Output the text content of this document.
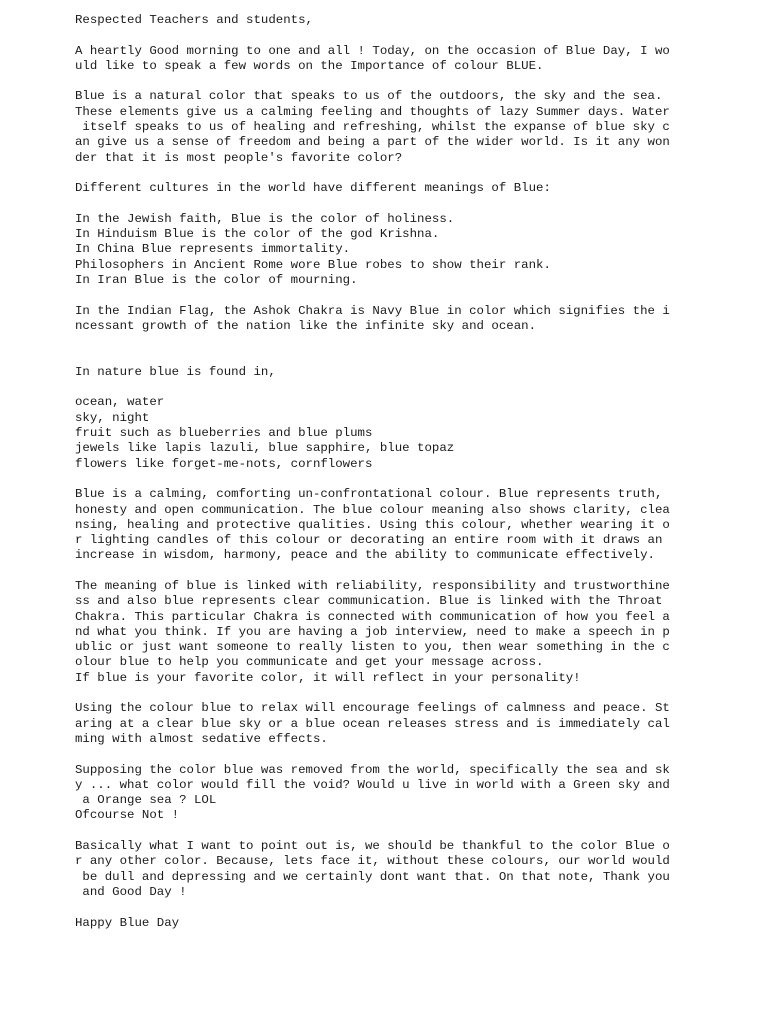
Respected Teachers and students,
A heartly Good morning to one and all ! Today, on the occasion of Blue Day, I wo
uld like to speak a few words on the Importance of colour BLUE.
Blue is a natural color that speaks to us of the outdoors, the sky and the sea.
These elements give us a calming feeling and thoughts of lazy Summer days. Water
itself speaks to us of healing and refreshing, whilst the expanse of blue sky c
an give us a sense of freedom and being a part of the wider world. Is it any won
der that it is most people's favorite color?
Different cultures in the world have different meanings of Blue:
In the Jewish faith, Blue is the color of holiness.
In Hinduism Blue is the color of the god Krishna.
In China Blue represents immortality.
Philosophers in Ancient Rome wore Blue robes to show their rank.
In Iran Blue is the color of mourning.
In the Indian Flag, the Ashok Chakra is Navy Blue in color which signifies the i
ncessant growth of the nation like the infinite sky and ocean.
In nature blue is found in,
ocean, water
sky, night
fruit such as blueberries and blue plums
jewels like lapis lazuli, blue sapphire, blue topaz
flowers like forget-me-nots, cornflowers
Blue is a calming, comforting un-confrontational colour. Blue represents truth,
honesty and open communication. The blue colour meaning also shows clarity, clea
nsing, healing and protective qualities. Using this colour, whether wearing it o
r lighting candles of this colour or decorating an entire room with it draws an
increase in wisdom, harmony, peace and the ability to communicate effectively.
The meaning of blue is linked with reliability, responsibility and trustworthine
ss and also blue represents clear communication. Blue is linked with the Throat
Chakra. This particular Chakra is connected with communication of how you feel a
nd what you think. If you are having a job interview, need to make a speech in p
ublic or just want someone to really listen to you, then wear something in the c
olour blue to help you communicate and get your message across.
If blue is your favorite color, it will reflect in your personality!
Using the colour blue to relax will encourage feelings of calmness and peace. St
aring at a clear blue sky or a blue ocean releases stress and is immediately cal
ming with almost sedative effects.
Supposing the color blue was removed from the world, specifically the sea and sk
y ... what color would fill the void? Would u live in world with a Green sky and
a Orange sea ? LOL
Ofcourse Not !
Basically what I want to point out is, we should be thankful to the color Blue o
r any other color. Because, lets face it, without these colours, our world would
be dull and depressing and we certainly dont want that. On that note, Thank you
and Good Day !
Happy Blue Day
